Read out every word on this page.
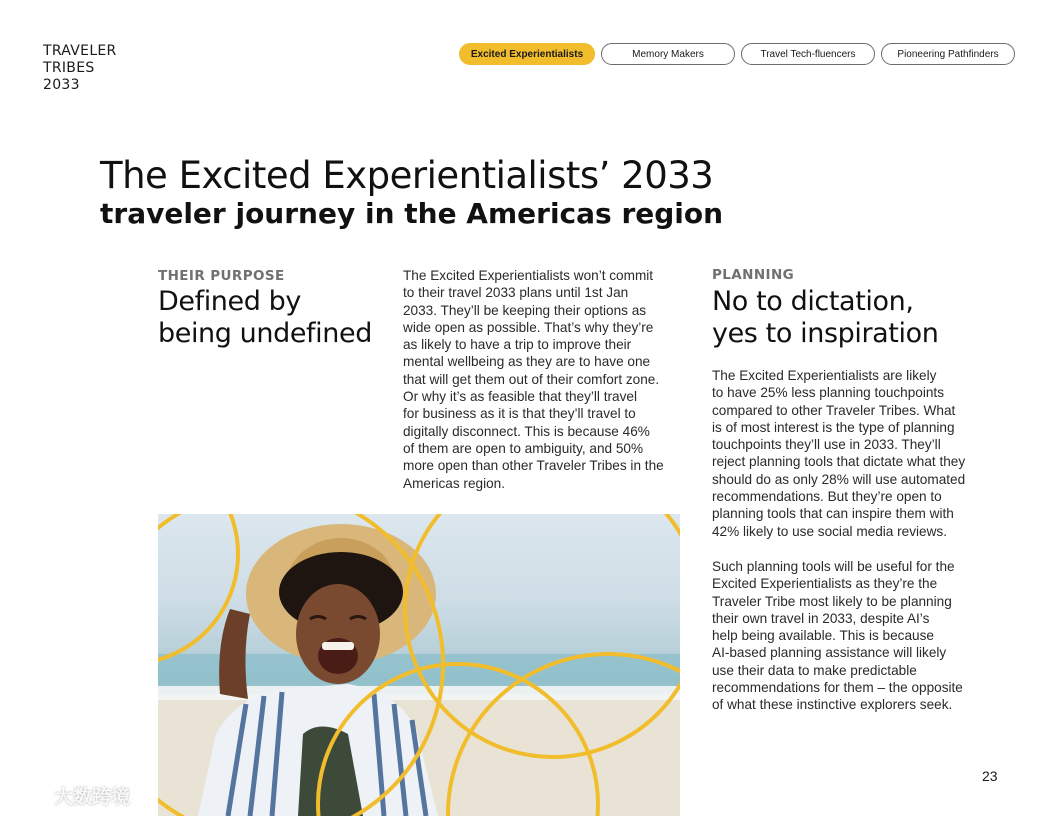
TRAVELER
TRIBES
2033
Excited Experientialists	Memory Makers	Travel Tech-fluencers	Pioneering Pathfinders
The Excited Experientialists’ 2033
traveler journey in the Americas region
THEIR PURPOSE
Defined by
being undefined
The Excited Experientialists won’t commit
to their travel 2033 plans until 1st Jan
2033. They’ll be keeping their options as
wide open as possible. That’s why they’re
as likely to have a trip to improve their
mental wellbeing as they are to have one
that will get them out of their comfort zone.
Or why it’s as feasible that they’ll travel
for business as it is that they’ll travel to
digitally disconnect. This is because 46%
of them are open to ambiguity, and 50%
more open than other Traveler Tribes in the
Americas region.
PLANNING
No to dictation,
yes to inspiration
The Excited Experientialists are likely
to have 25% less planning touchpoints
compared to other Traveler Tribes. What
is of most interest is the type of planning
touchpoints they’ll use in 2033. They’ll
reject planning tools that dictate what they
should do as only 28% will use automated
recommendations. But they’re open to
planning tools that can inspire them with
42% likely to use social media reviews.
Such planning tools will be useful for the
Excited Experientialists as they’re the
Traveler Tribe most likely to be planning
their own travel in 2033, despite AI’s
help being available. This is because
AI-based planning assistance will likely
use their data to make predictable
recommendations for them – the opposite
of what these instinctive explorers seek.
23
大数跨境
